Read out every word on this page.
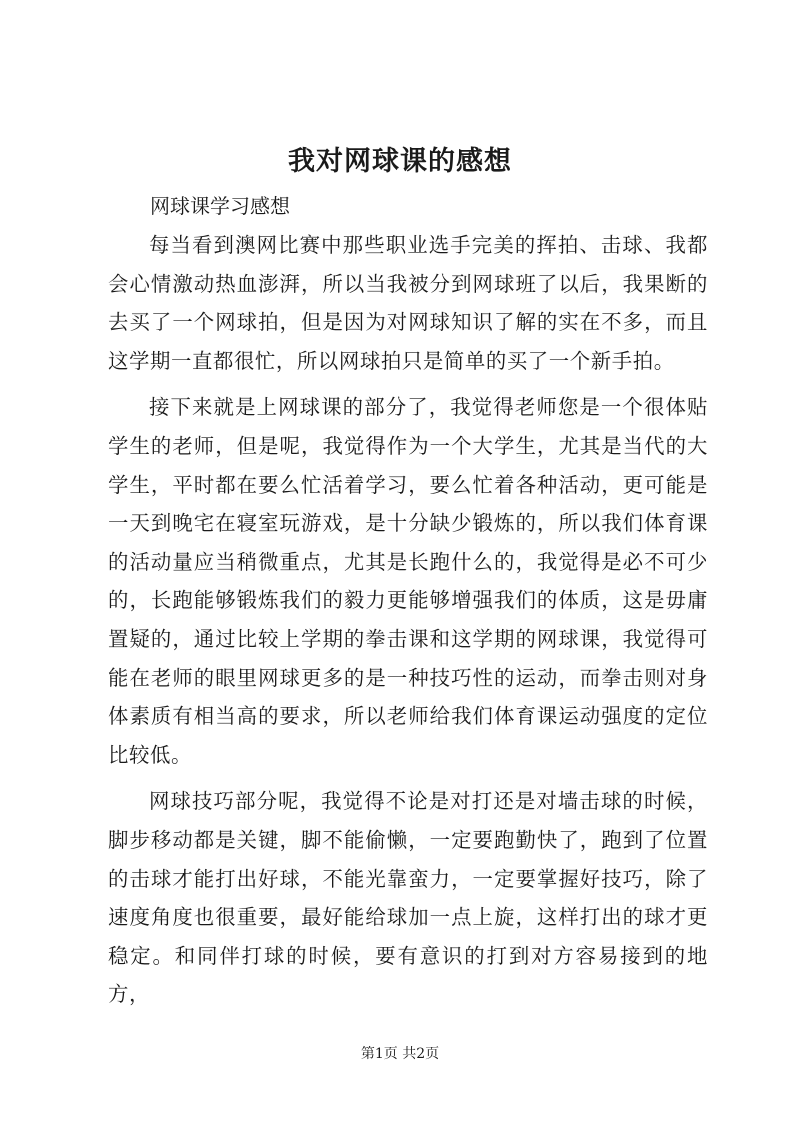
我对网球课的感想

网球课学习感想

每当看到澳网比赛中那些职业选手完美的挥拍、击球、我都会心情激动热血澎湃，所以当我被分到网球班了以后，我果断的去买了一个网球拍，但是因为对网球知识了解的实在不多，而且这学期一直都很忙，所以网球拍只是简单的买了一个新手拍。

接下来就是上网球课的部分了，我觉得老师您是一个很体贴学生的老师，但是呢，我觉得作为一个大学生，尤其是当代的大学生，平时都在要么忙活着学习，要么忙着各种活动，更可能是一天到晚宅在寝室玩游戏，是十分缺少锻炼的，所以我们体育课的活动量应当稍微重点，尤其是长跑什么的，我觉得是必不可少的，长跑能够锻炼我们的毅力更能够增强我们的体质，这是毋庸置疑的，通过比较上学期的拳击课和这学期的网球课，我觉得可能在老师的眼里网球更多的是一种技巧性的运动，而拳击则对身体素质有相当高的要求，所以老师给我们体育课运动强度的定位比较低。

网球技巧部分呢，我觉得不论是对打还是对墙击球的时候，脚步移动都是关键，脚不能偷懒，一定要跑勤快了，跑到了位置的击球才能打出好球，不能光靠蛮力，一定要掌握好技巧，除了速度角度也很重要，最好能给球加一点上旋，这样打出的球才更稳定。和同伴打球的时候，要有意识的打到对方容易接到的地方，

第1页 共2页
